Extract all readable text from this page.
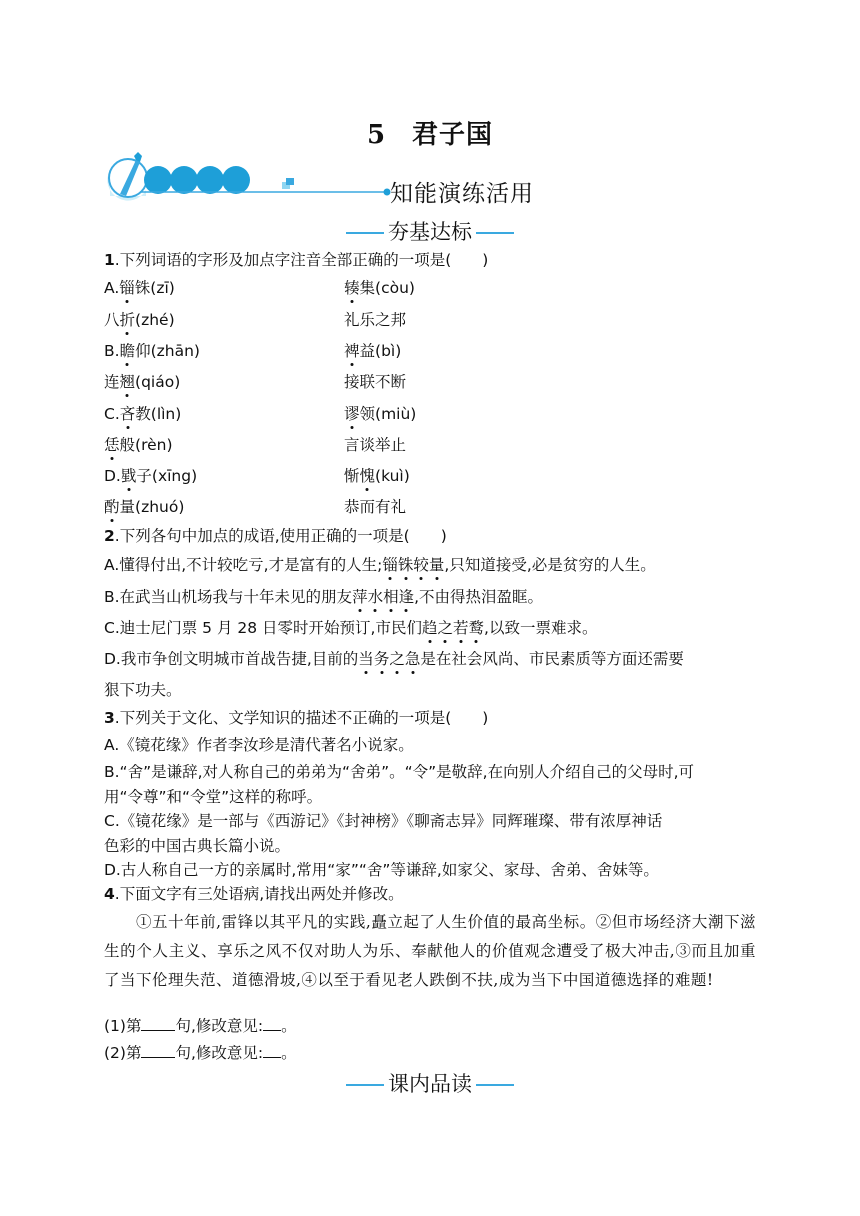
5 君子国
知能演练活用
夯基达标
1.下列词语的字形及加点字注音全部正确的一项是(　　)
A.锱铢(zī)	辏集(còu)
八折(zhé)	礼乐之邦
B.瞻仰(zhān)	裨益(bì)
连翘(qiáo)	接联不断
C.吝教(lìn)	谬领(miù)
恁般(rèn)	言谈举止
D.戥子(xīng)	惭愧(kuì)
酌量(zhuó)	恭而有礼
2.下列各句中加点的成语,使用正确的一项是(　　)
A.懂得付出,不计较吃亏,才是富有的人生;锱铢较量,只知道接受,必是贫穷的人生。
B.在武当山机场我与十年未见的朋友萍水相逢,不由得热泪盈眶。
C.迪士尼门票 5 月 28 日零时开始预订,市民们趋之若鹜,以致一票难求。
D.我市争创文明城市首战告捷,目前的当务之急是在社会风尚、市民素质等方面还需要
狠下功夫。
3.下列关于文化、文学知识的描述不正确的一项是(　　)
A.《镜花缘》作者李汝珍是清代著名小说家。
B.“舍”是谦辞,对人称自己的弟弟为“舍弟”。“令”是敬辞,在向别人介绍自己的父母时,可
用“令尊”和“令堂”这样的称呼。
C.《镜花缘》是一部与《西游记》《封神榜》《聊斋志异》同辉璀璨、带有浓厚神话
色彩的中国古典长篇小说。
D.古人称自己一方的亲属时,常用“家”“舍”等谦辞,如家父、家母、舍弟、舍妹等。
4.下面文字有三处语病,请找出两处并修改。
①五十年前,雷锋以其平凡的实践,矗立起了人生价值的最高坐标。②但市场经济大潮下滋生的个人主义、享乐之风不仅对助人为乐、奉献他人的价值观念遭受了极大冲击,③而且加重了当下伦理失范、道德滑坡,④以至于看见老人跌倒不扶,成为当下中国道德选择的难题!
(1)第 句,修改意见: 。
(2)第 句,修改意见: 。
课内品读
